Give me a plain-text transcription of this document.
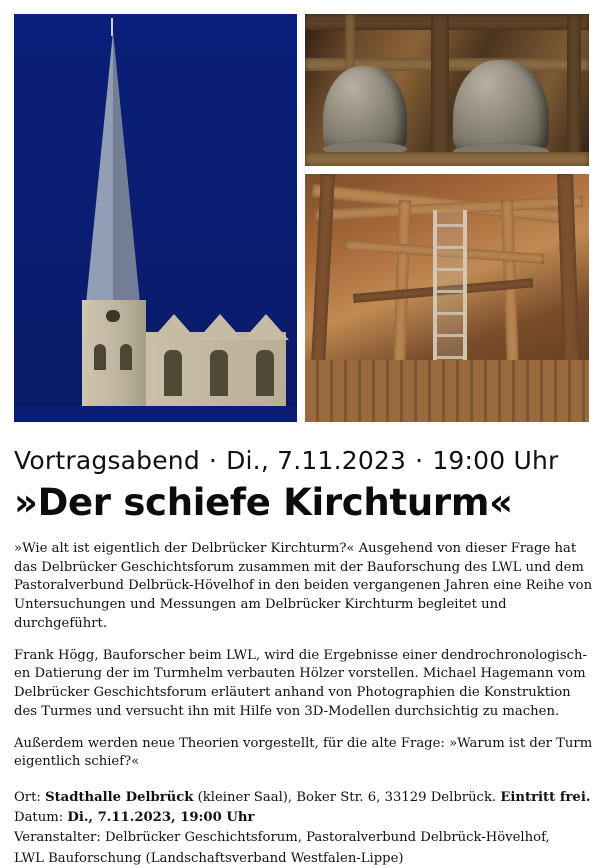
Vortragsabend · Di., 7.11.2023 · 19:00 Uhr
»Der schiefe Kirchturm«

»Wie alt ist eigentlich der Delbrücker Kirchturm?« Ausgehend von dieser Frage hat das Delbrücker Geschichtsforum zusammen mit der Bauforschung des LWL und dem Pastoralverbund Delbrück-Hövelhof in den beiden vergangenen Jahren eine Reihe von Untersuchungen und Messungen am Delbrücker Kirchturm begleitet und durchgeführt.

Frank Högg, Bauforscher beim LWL, wird die Ergebnisse einer dendrochronologisch-en Datierung der im Turmhelm verbauten Hölzer vorstellen. Michael Hagemann vom Delbrücker Geschichtsforum erläutert anhand von Photographien die Konstruktion des Turmes und versucht ihn mit Hilfe von 3D-Modellen durchsichtig zu machen.

Außerdem werden neue Theorien vorgestellt, für die alte Frage: »Warum ist der Turm eigentlich schief?«

Ort: Stadthalle Delbrück (kleiner Saal), Boker Str. 6, 33129 Delbrück. Eintritt frei.
Datum: Di., 7.11.2023, 19:00 Uhr
Veranstalter: Delbrücker Geschichtsforum, Pastoralverbund Delbrück-Hövelhof,
LWL Bauforschung (Landschaftsverband Westfalen-Lippe)
